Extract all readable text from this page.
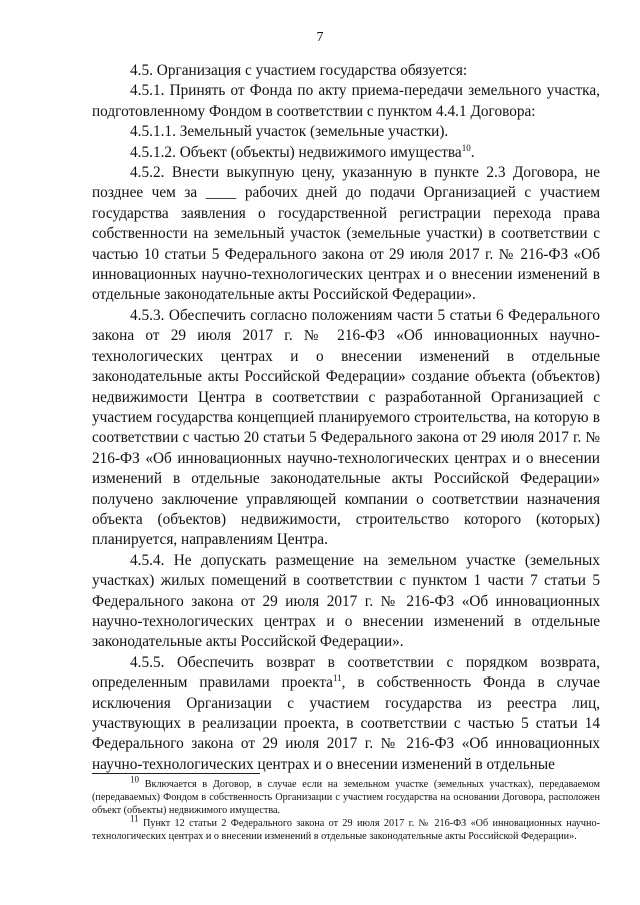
7

4.5. Организация с участием государства обязуется:

4.5.1. Принять от Фонда по акту приема-передачи земельного участка, подготовленному Фондом в соответствии с пунктом 4.4.1 Договора:

4.5.1.1. Земельный участок (земельные участки).

4.5.1.2. Объект (объекты) недвижимого имущества$^{10}$.

4.5.2. Внести выкупную цену, указанную в пункте 2.3 Договора, не позднее чем за ____ рабочих дней до подачи Организацией с участием государства заявления о государственной регистрации перехода права собственности на земельный участок (земельные участки) в соответствии с частью 10 статьи 5 Федерального закона от 29 июля 2017 г. № 216-ФЗ «Об инновационных научно-технологических центрах и о внесении изменений в отдельные законодательные акты Российской Федерации».

4.5.3. Обеспечить согласно положениям части 5 статьи 6 Федерального закона от 29 июля 2017 г. № 216-ФЗ «Об инновационных научно-технологических центрах и о внесении изменений в отдельные законодательные акты Российской Федерации» создание объекта (объектов) недвижимости Центра в соответствии с разработанной Организацией с участием государства концепцией планируемого строительства, на которую в соответствии с частью 20 статьи 5 Федерального закона от 29 июля 2017 г. № 216-ФЗ «Об инновационных научно-технологических центрах и о внесении изменений в отдельные законодательные акты Российской Федерации» получено заключение управляющей компании о соответствии назначения объекта (объектов) недвижимости, строительство которого (которых) планируется, направлениям Центра.

4.5.4. Не допускать размещение на земельном участке (земельных участках) жилых помещений в соответствии с пунктом 1 части 7 статьи 5 Федерального закона от 29 июля 2017 г. № 216-ФЗ «Об инновационных научно-технологических центрах и о внесении изменений в отдельные законодательные акты Российской Федерации».

4.5.5. Обеспечить возврат в соответствии с порядком возврата, определенным правилами проекта$^{11}$, в собственность Фонда в случае исключения Организации с участием государства из реестра лиц, участвующих в реализации проекта, в соответствии с частью 5 статьи 14 Федерального закона от 29 июля 2017 г. № 216-ФЗ «Об инновационных научно-технологических центрах и о внесении изменений в отдельные

$^{10}$ Включается в Договор, в случае если на земельном участке (земельных участках), передаваемом (передаваемых) Фондом в собственность Организации с участием государства на основании Договора, расположен объект (объекты) недвижимого имущества.

$^{11}$ Пункт 12 статьи 2 Федерального закона от 29 июля 2017 г. № 216-ФЗ «Об инновационных научно-технологических центрах и о внесении изменений в отдельные законодательные акты Российской Федерации».
